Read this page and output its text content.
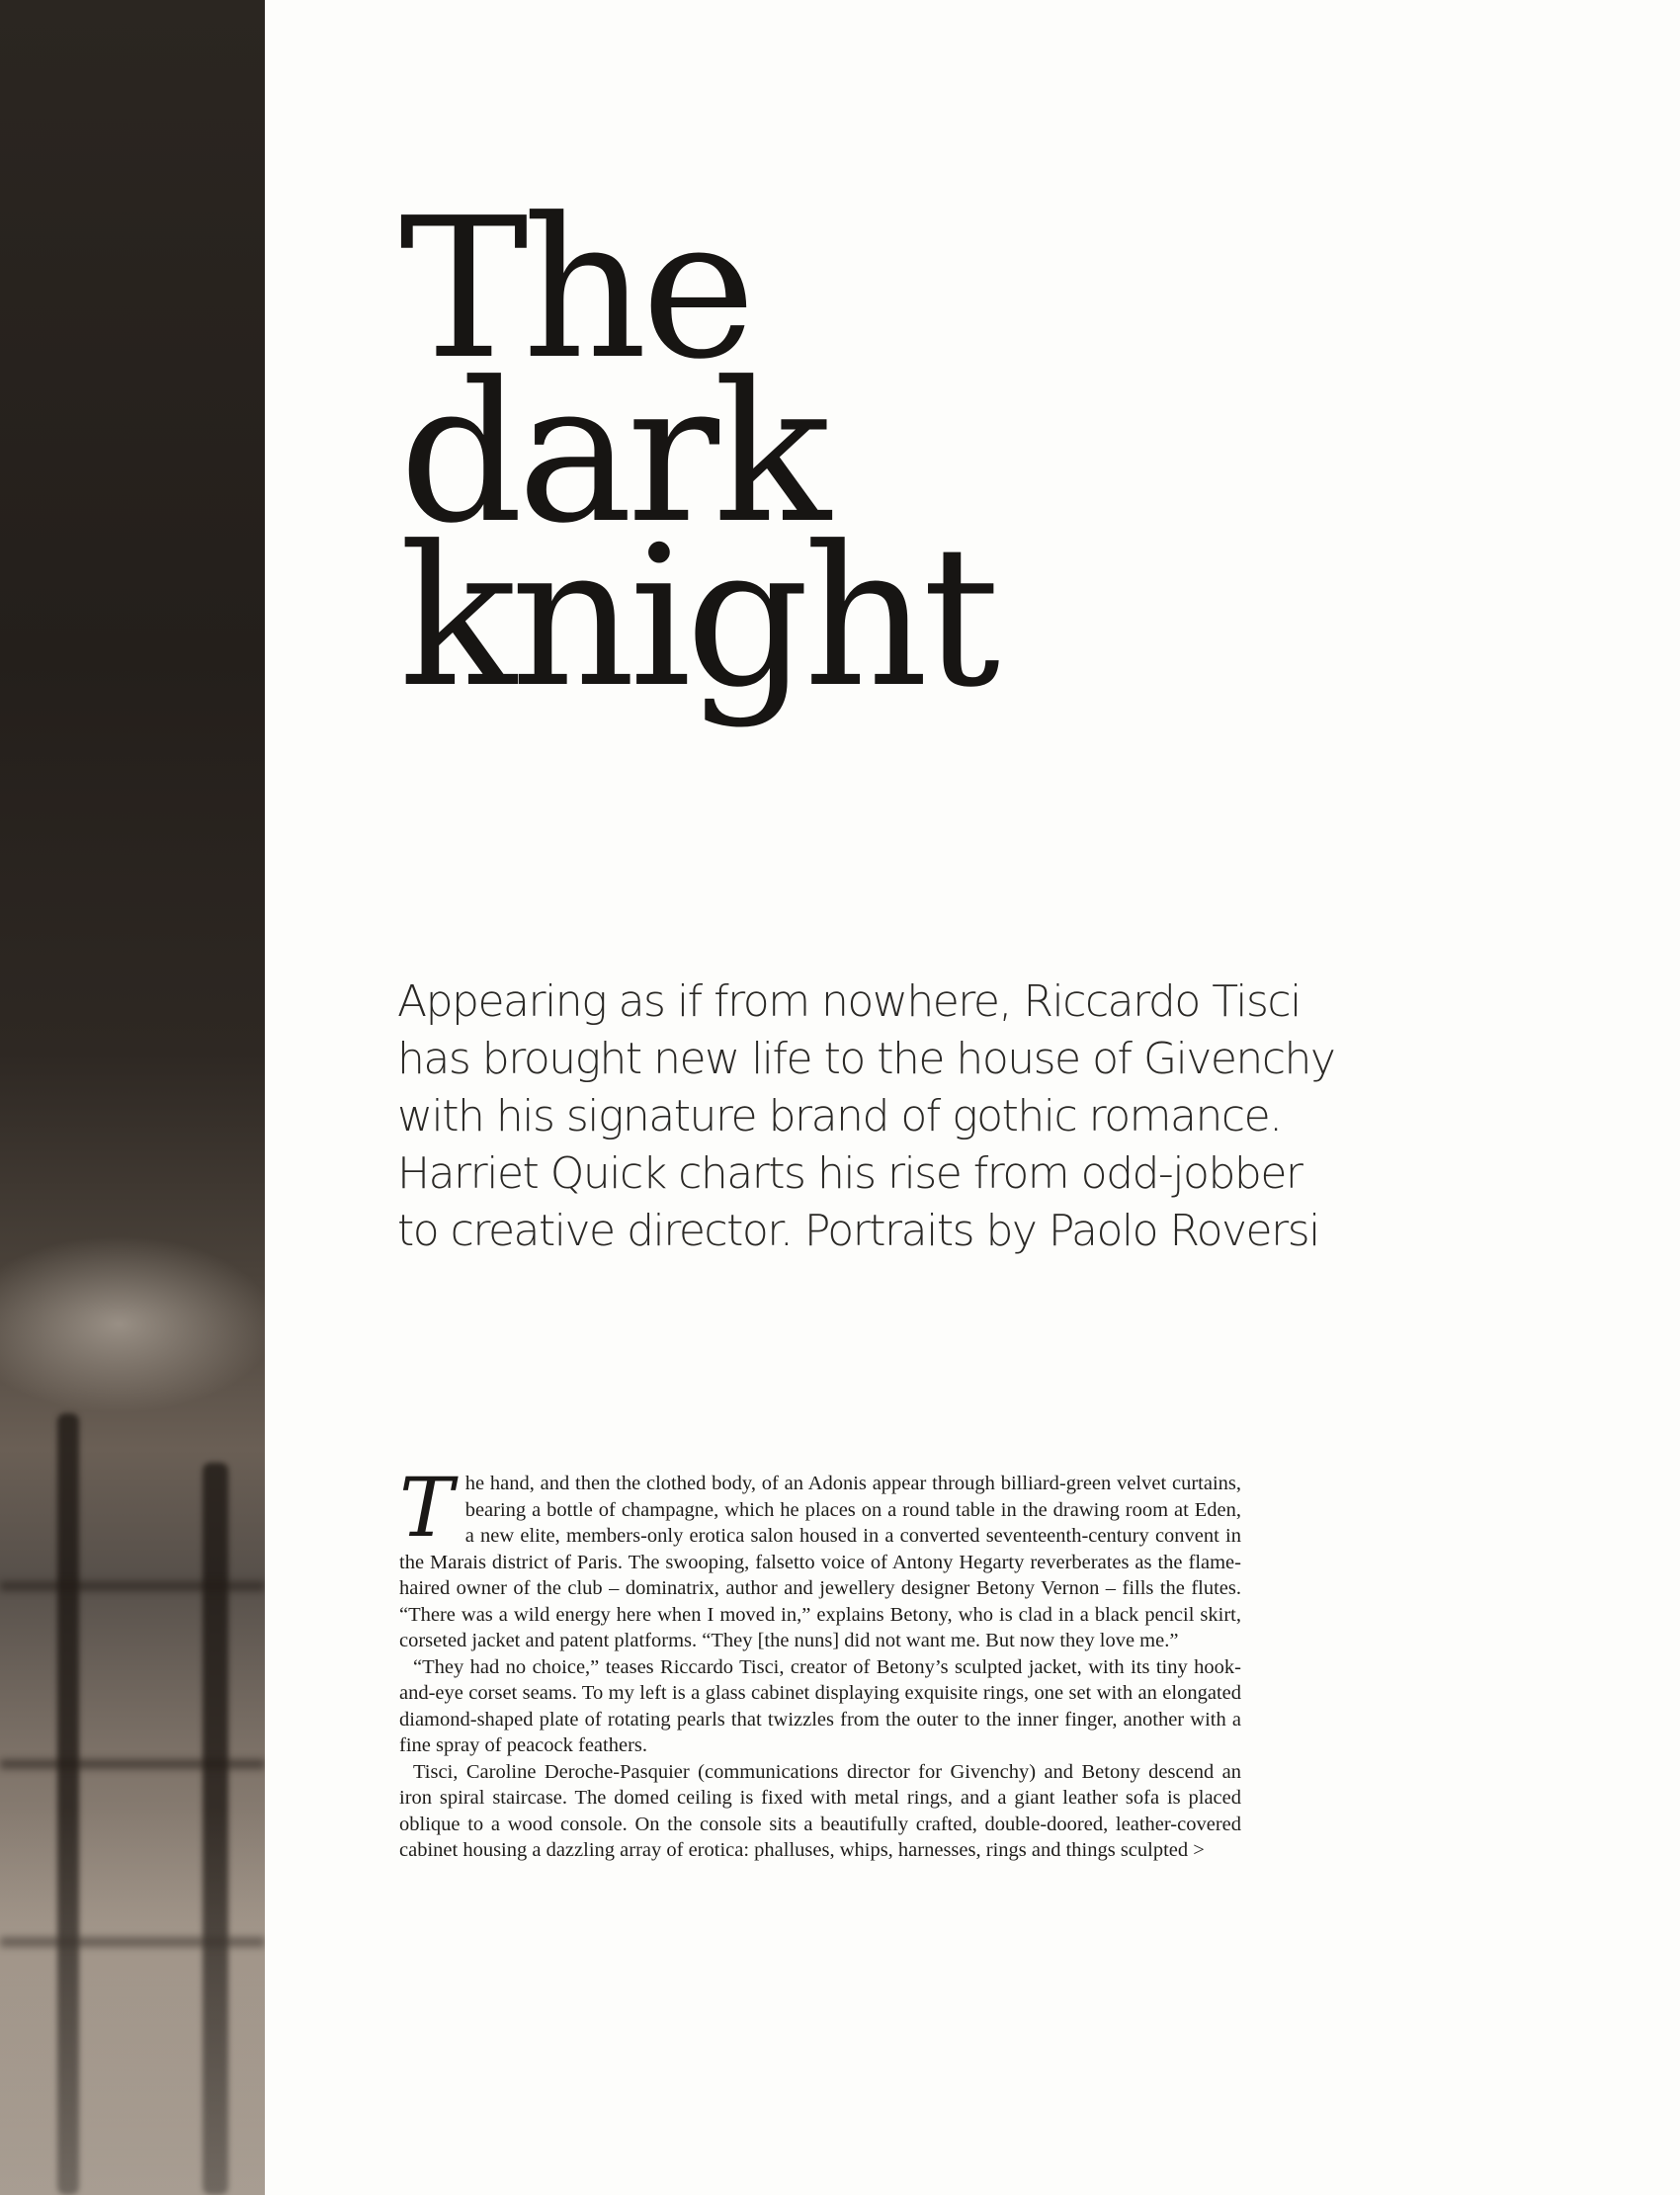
The
dark
knight
Appearing as if from nowhere, Riccardo Tisci
has brought new life to the house of Givenchy
with his signature brand of gothic romance.
Harriet Quick charts his rise from odd-jobber
to creative director. Portraits by Paolo Roversi

The hand, and then the clothed body, of an Adonis appear through billiard-green velvet curtains, bearing a bottle of champagne, which he places on a round table in the drawing room at Eden, a new elite, members-only erotica salon housed in a converted seventeenth-century convent in the Marais district of Paris. The swooping, falsetto voice of Antony Hegarty reverberates as the flame-haired owner of the club – dominatrix, author and jewellery designer Betony Vernon – fills the flutes. “There was a wild energy here when I moved in,” explains Betony, who is clad in a black pencil skirt, corseted jacket and patent platforms. “They [the nuns] did not want me. But now they love me.”

“They had no choice,” teases Riccardo Tisci, creator of Betony’s sculpted jacket, with its tiny hook-and-eye corset seams. To my left is a glass cabinet displaying exquisite rings, one set with an elongated diamond-shaped plate of rotating pearls that twizzles from the outer to the inner finger, another with a fine spray of peacock feathers.

Tisci, Caroline Deroche-Pasquier (communications director for Givenchy) and Betony descend an iron spiral staircase. The domed ceiling is fixed with metal rings, and a giant leather sofa is placed oblique to a wood console. On the console sits a beautifully crafted, double-doored, leather-covered cabinet housing a dazzling array of erotica: phalluses, whips, harnesses, rings and things sculpted >
